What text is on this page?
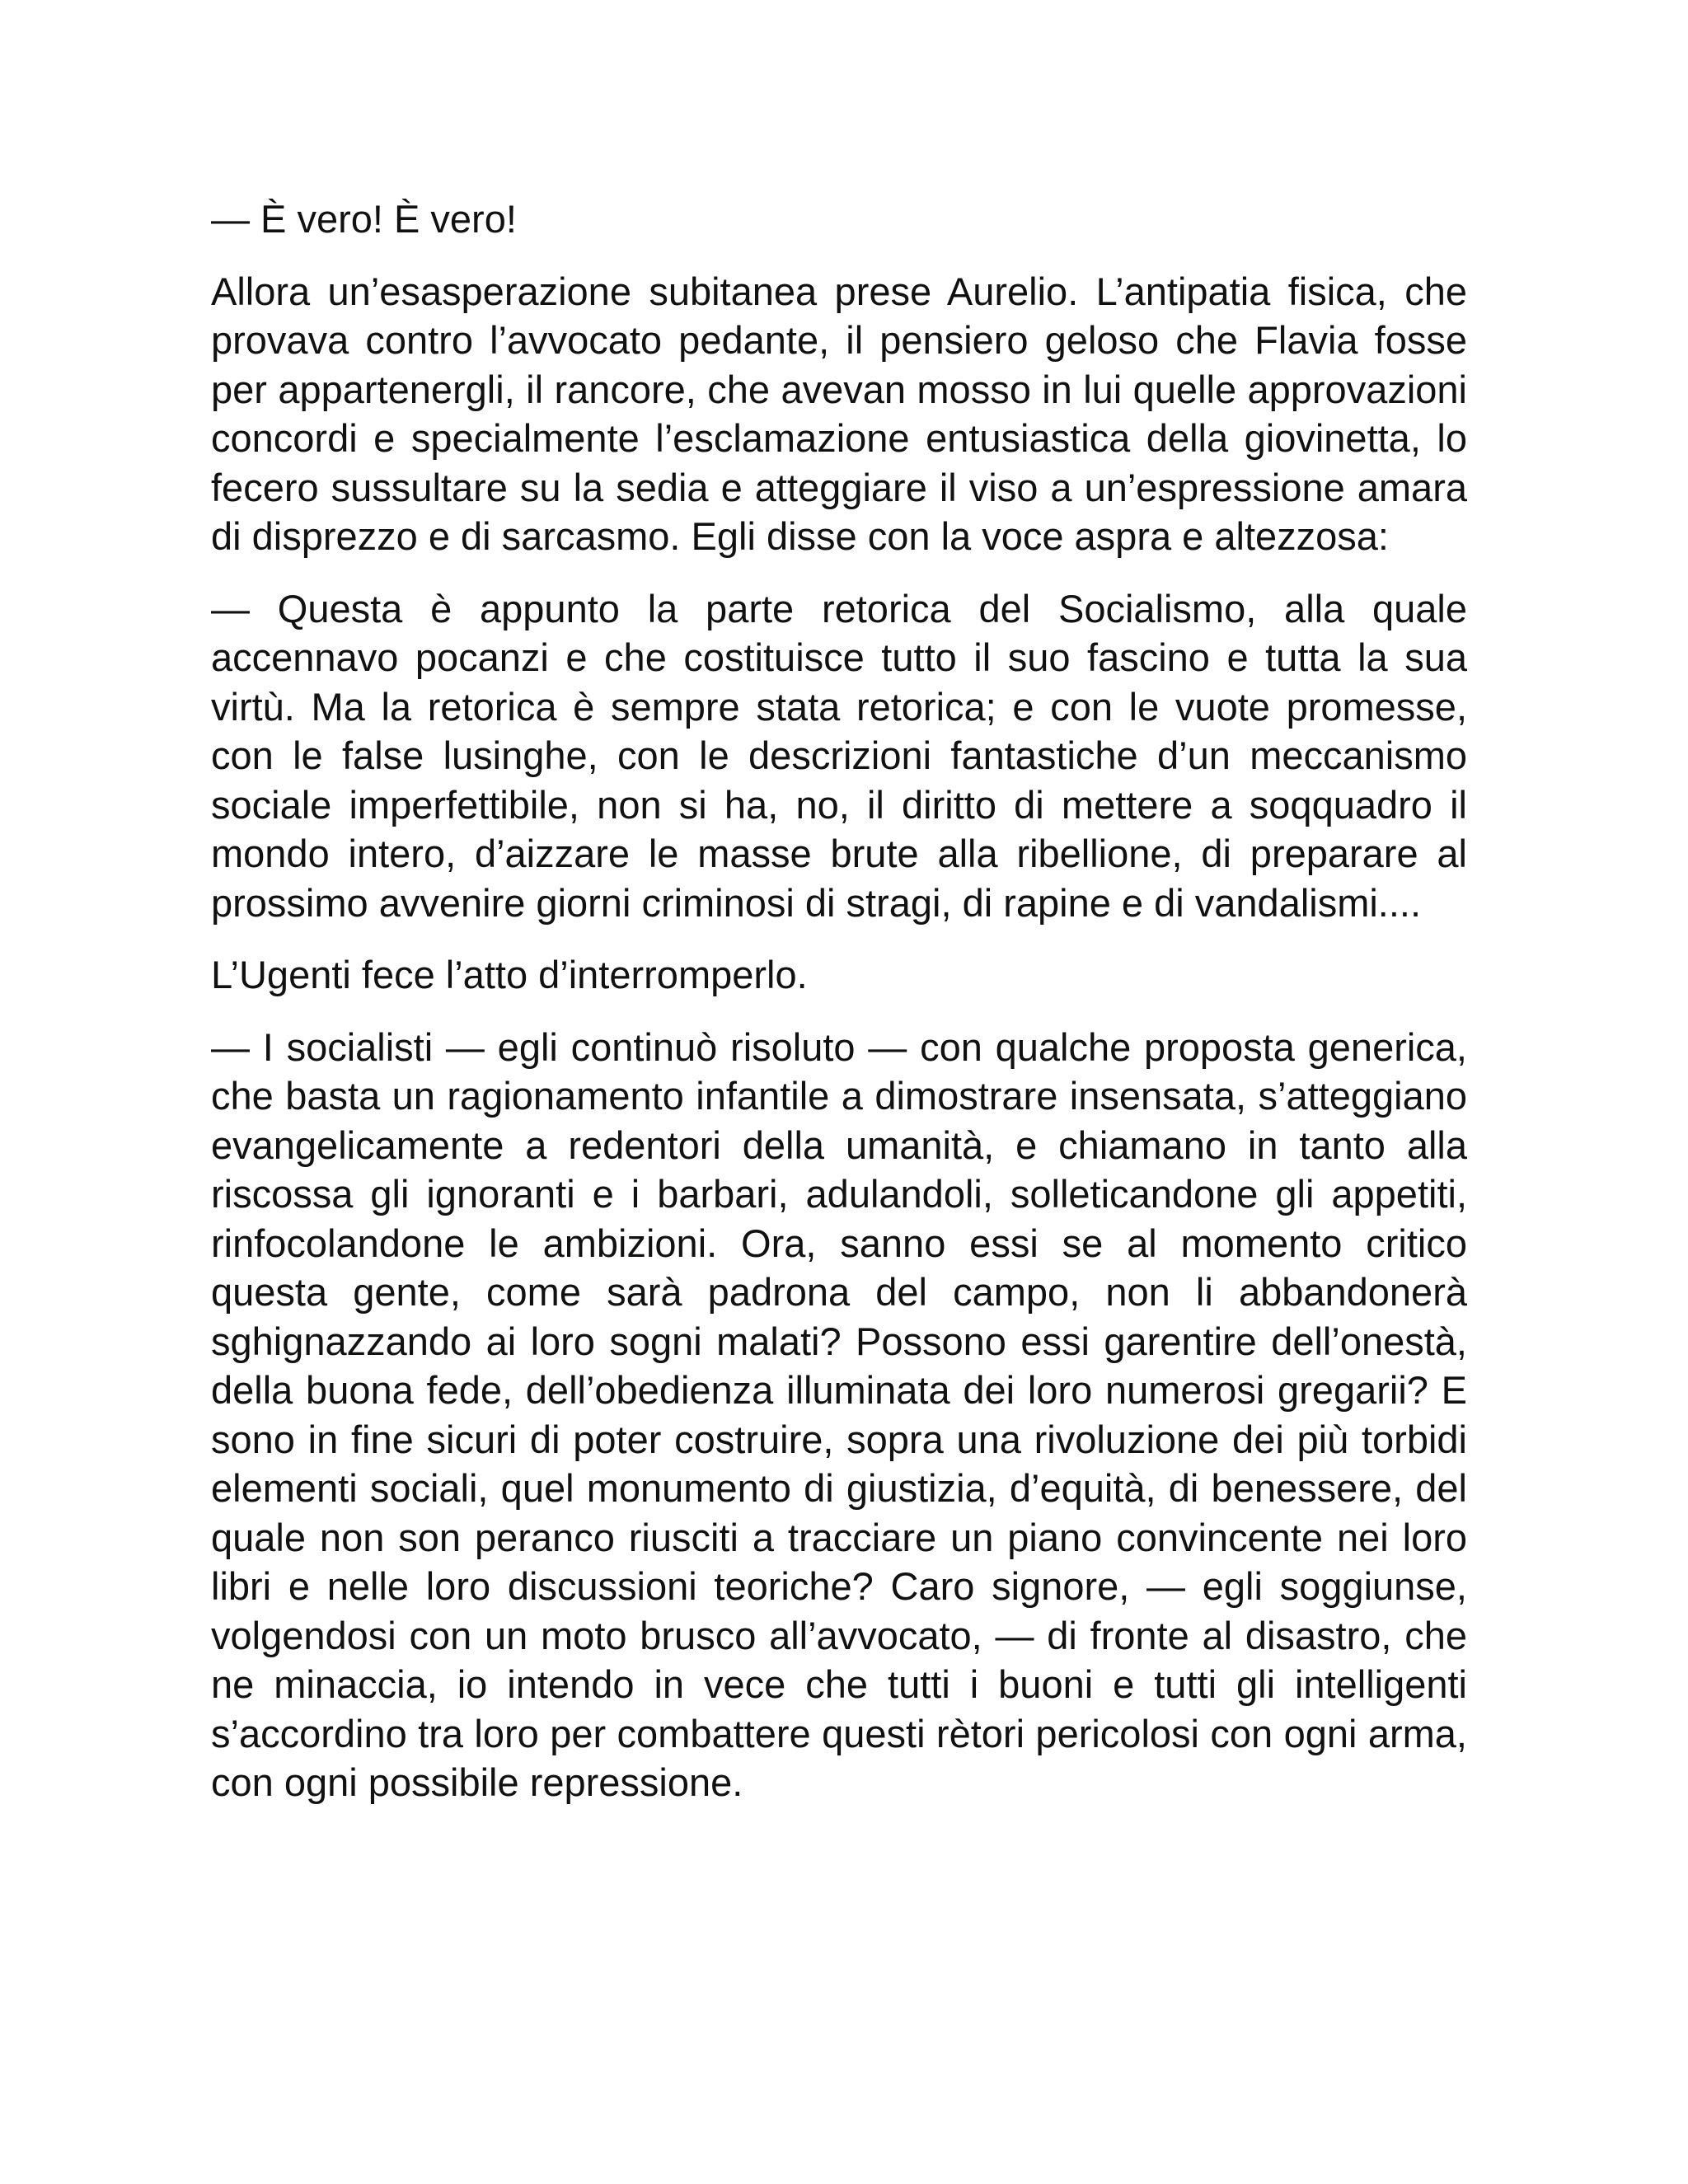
— È vero! È vero!

Allora un’esasperazione subitanea prese Aurelio. L’antipatia fisica, che provava contro l’avvocato pedante, il pensiero geloso che Flavia fosse per appartenergli, il rancore, che avevan mosso in lui quelle approvazioni concordi e specialmente l’esclamazione entusiastica della giovinetta, lo fecero sussultare su la sedia e atteggiare il viso a un’espressione amara di disprezzo e di sarcasmo. Egli disse con la voce aspra e altezzosa:

— Questa è appunto la parte retorica del Socialismo, alla quale accennavo pocanzi e che costituisce tutto il suo fascino e tutta la sua virtù. Ma la retorica è sempre stata retorica; e con le vuote promesse, con le false lusinghe, con le descrizioni fantastiche d’un meccanismo sociale imperfettibile, non si ha, no, il diritto di mettere a soqquadro il mondo intero, d’aizzare le masse brute alla ribellione, di preparare al prossimo avvenire giorni criminosi di stragi, di rapine e di vandalismi....

L’Ugenti fece l’atto d’interromperlo.

— I socialisti — egli continuò risoluto — con qualche proposta generica, che basta un ragionamento infantile a dimostrare insensata, s’atteggiano evangelicamente a redentori della umanità, e chiamano in tanto alla riscossa gli ignoranti e i barbari, adulandoli, solleticandone gli appetiti, rinfocolandone le ambizioni. Ora, sanno essi se al momento critico questa gente, come sarà padrona del campo, non li abbandonerà sghignazzando ai loro sogni malati? Possono essi garentire dell’onestà, della buona fede, dell’obedienza illuminata dei loro numerosi gregarii? E sono in fine sicuri di poter costruire, sopra una rivoluzione dei più torbidi elementi sociali, quel monumento di giustizia, d’equità, di benessere, del quale non son peranco riusciti a tracciare un piano convincente nei loro libri e nelle loro discussioni teoriche? Caro signore, — egli soggiunse, volgendosi con un moto brusco all’avvocato, — di fronte al disastro, che ne minaccia, io intendo in vece che tutti i buoni e tutti gli intelligenti s’accordino tra loro per combattere questi rètori pericolosi con ogni arma, con ogni possibile repressione.
